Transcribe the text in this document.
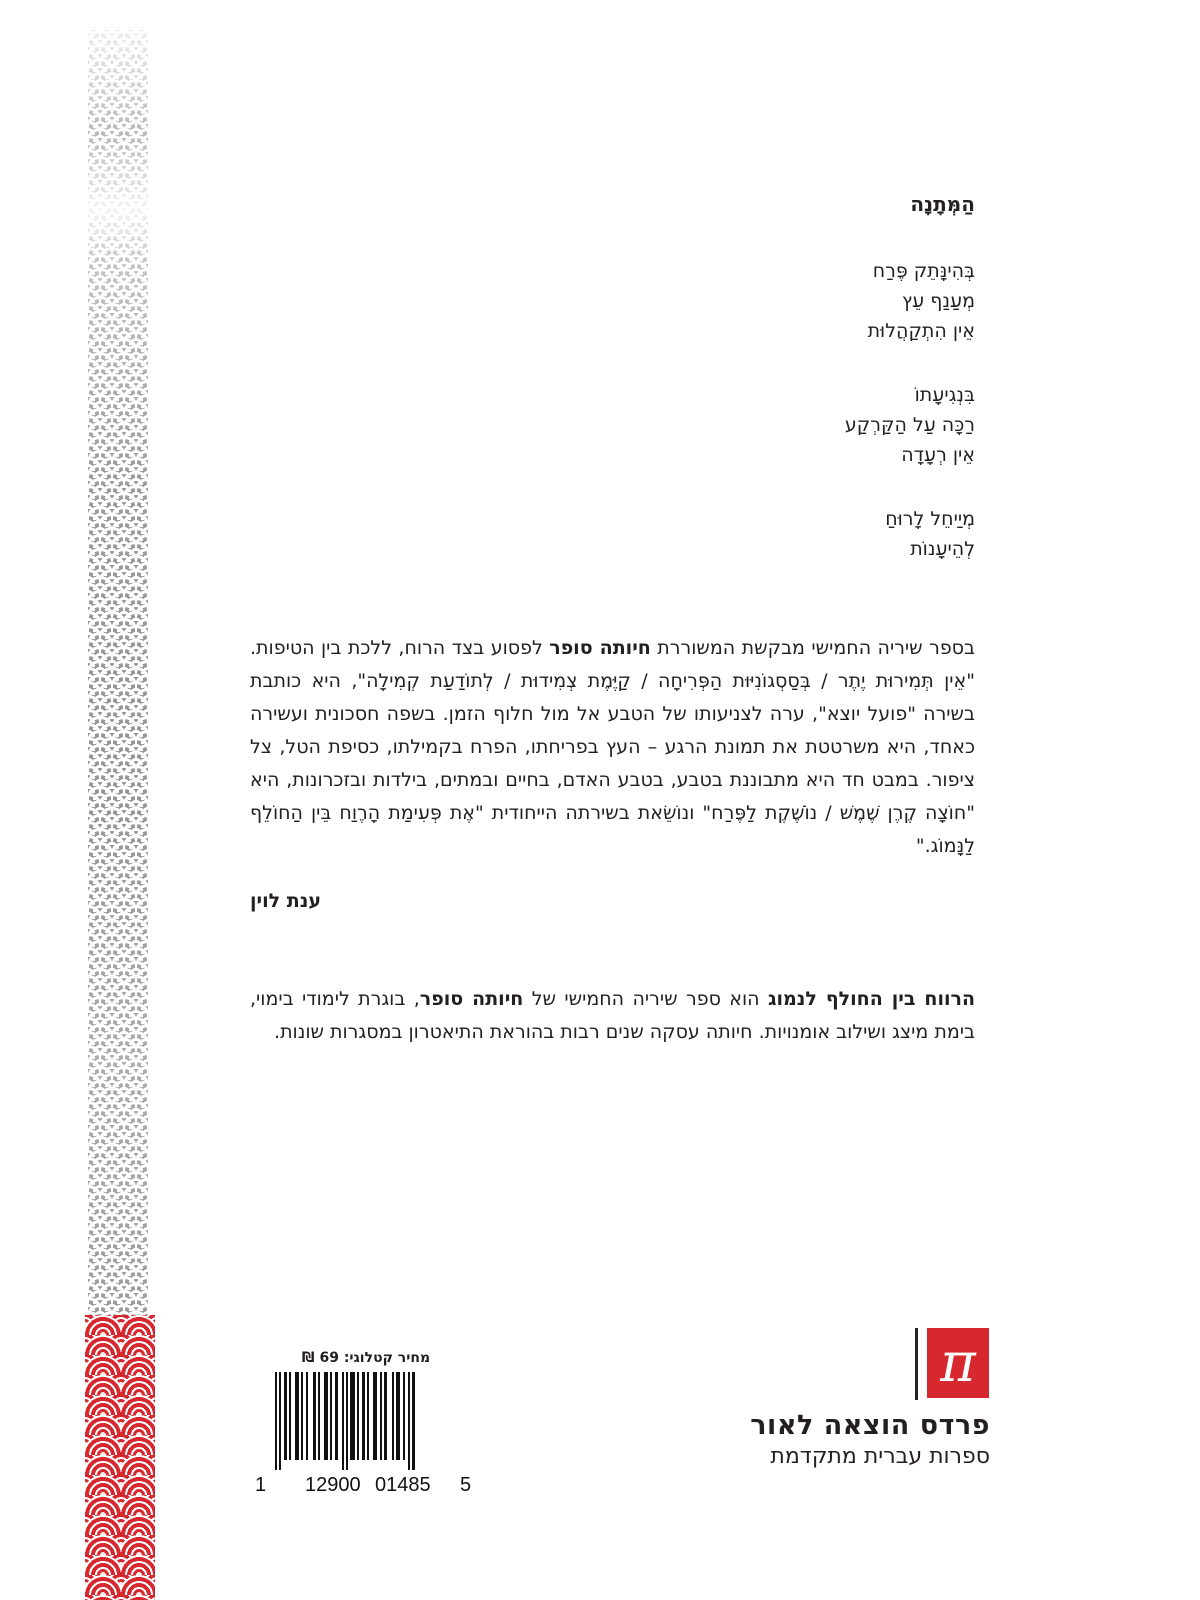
הַמְּתָנָה
בְּהִינָּתֵק פֶּרַח
מְעַנַף עֵץ
אֵין הִתְקַהֲלוּת
בִּנְגִיעָתוֹ
רַכָּה עַל הַקַּרְקַע
אֵין רְעָדָה
מְיַיחֵל לָרוּחַ
לְהֵיעָנוֹת
בספר שיריה החמישי מבקשת המשוררת חיותה סופר לפסוע בצד הרוח, ללכת בין הטיפות. "אֵין תְּמִירוּת יֶתֶר / בְּסַסְגוֹנִיּוּת הַפְּרִיחָה / קַיֶּמֶת צְמִידוּת / לְתוֹדַעַת קְמִילָה", היא כותבת בשירה "פועל יוצא", ערה לצניעותו של הטבע אל מול חלוף הזמן. בשפה חסכונית ועשירה כאחד, היא משרטטת את תמונת הרגע – העץ בפריחתו, הפרח בקמילתו, כסיפת הטל, צל ציפור. במבט חד היא מתבוננת בטבע, בטבע האדם, בחיים ובמתים, בילדות ובזכרונות, היא "חוֹצָה קֶרֶן שֶׁמֶשׁ / נוֹשֶׁקֶת לַפֶּרַח" ונוֹשֵׂאת בשירתה הייחודית "אֶת פְּעִימַת הָרֶוַח בֵּין הַחוֹלֵף לַנָּמוֹג."
ענת לוין
הרווח בין החולף לנמוג הוא ספר שיריה החמישי של חיותה סופר, בוגרת לימודי בימוי, בימת מיצג ושילוב אומנויות. חיותה עסקה שנים רבות בהוראת התיאטרון במסגרות שונות.
מחיר קטלוגי: 69 ₪
1 12900 01485 5
π
פרדס הוצאה לאור
ספרות עברית מתקדמת
